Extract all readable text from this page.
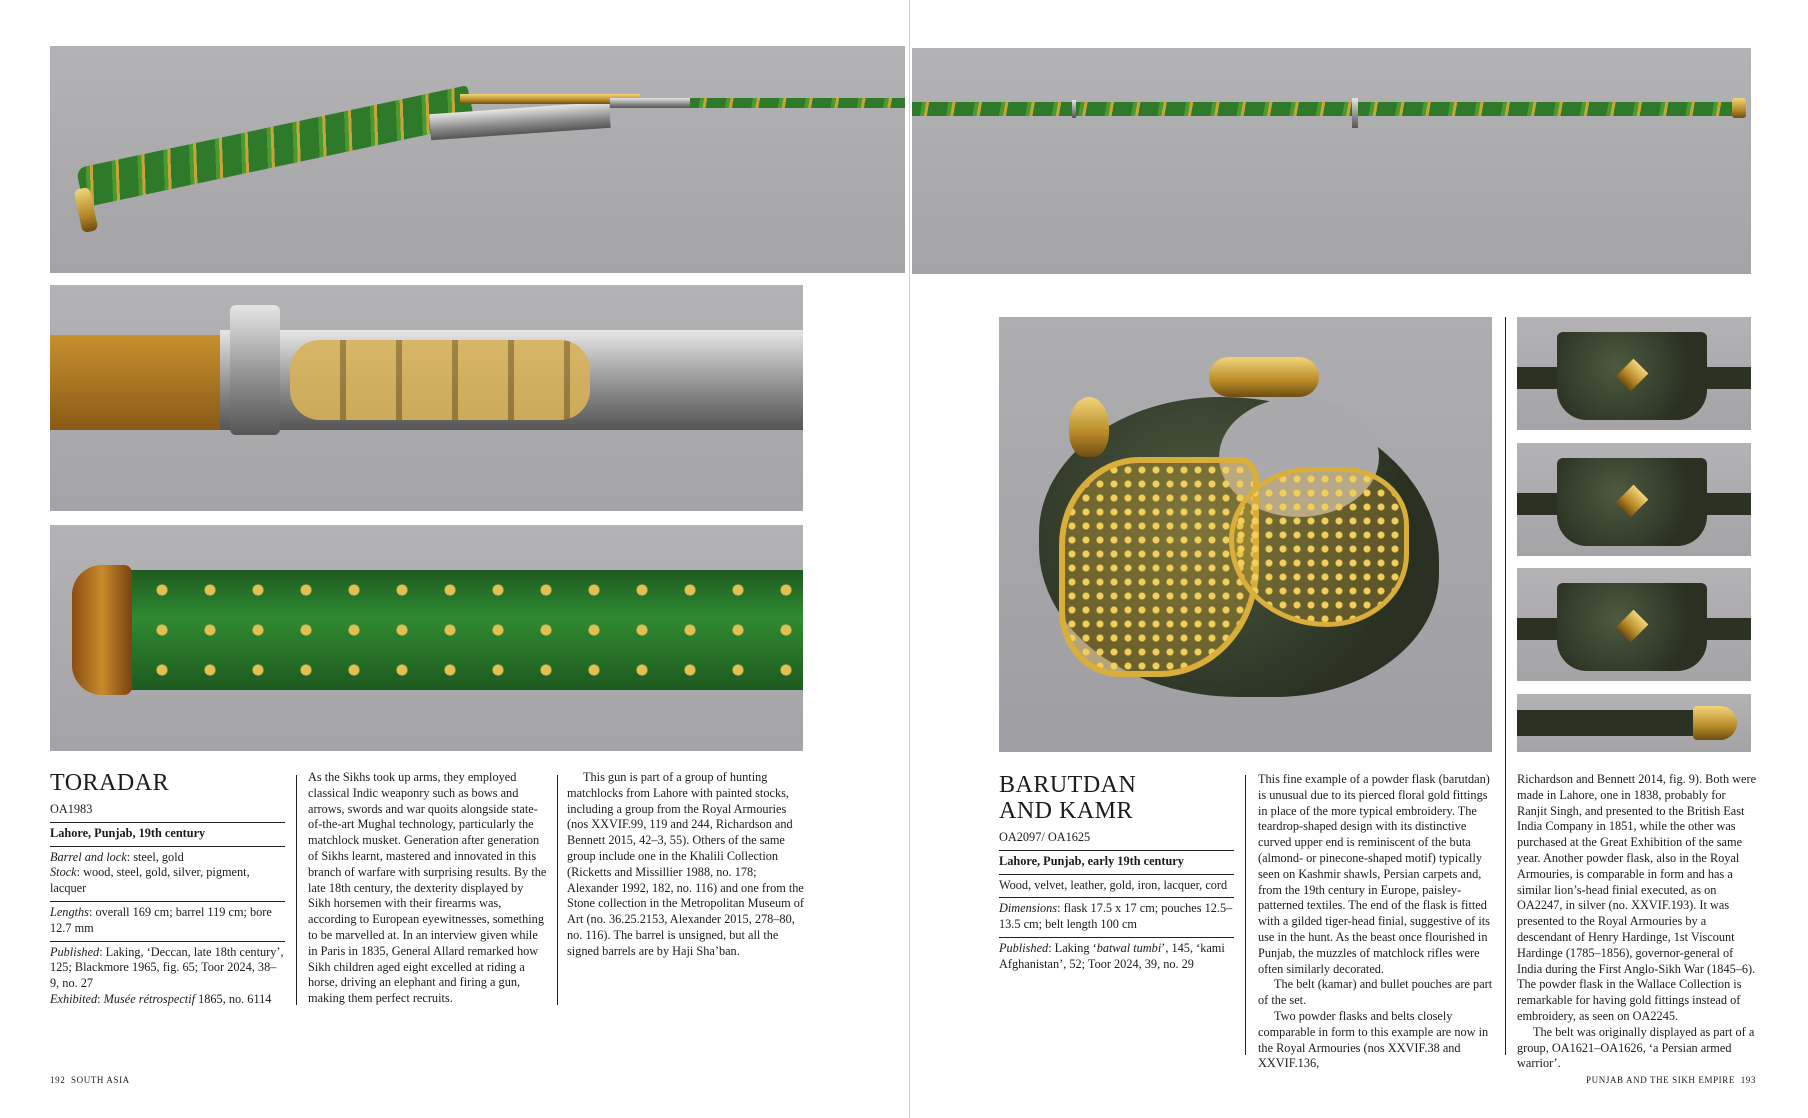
TORADAR
OA1983
Lahore, Punjab, 19th century
Barrel and lock: steel, gold
Stock: wood, steel, gold, silver, pigment, lacquer
Lengths: overall 169 cm; barrel 119 cm; bore 12.7 mm
Published: Laking, ‘Deccan, late 18th century’, 125; Blackmore 1965, fig. 65; Toor 2024, 38–9, no. 27
Exhibited: Musée rétrospectif 1865, no. 6114

As the Sikhs took up arms, they employed classical Indic weaponry such as bows and arrows, swords and war quoits alongside state-of-the-art Mughal technology, particularly the matchlock musket. Generation after generation of Sikhs learnt, mastered and innovated in this branch of warfare with surprising results. By the late 18th century, the dexterity displayed by Sikh horsemen with their firearms was, according to European eyewitnesses, something to be marvelled at. In an interview given while in Paris in 1835, General Allard remarked how Sikh children aged eight excelled at riding a horse, driving an elephant and firing a gun, making them perfect recruits.

This gun is part of a group of hunting matchlocks from Lahore with painted stocks, including a group from the Royal Armouries (nos XXVIF.99, 119 and 244, Richardson and Bennett 2015, 42–3, 55). Others of the same group include one in the Khalili Collection (Ricketts and Missillier 1988, no. 178; Alexander 1992, 182, no. 116) and one from the Stone collection in the Metropolitan Museum of Art (no. 36.25.2153, Alexander 2015, 278–80, no. 116). The barrel is unsigned, but all the signed barrels are by Haji Sha’ban.

192 SOUTH ASIA
BARUTDAN
AND KAMR
OA2097/ OA1625
Lahore, Punjab, early 19th century
Wood, velvet, leather, gold, iron, lacquer, cord
Dimensions: flask 17.5 x 17 cm; pouches 12.5–13.5 cm; belt length 100 cm
Published: Laking ‘batwal tumbi’, 145, ‘kami Afghanistan’, 52; Toor 2024, 39, no. 29

This fine example of a powder flask (barutdan) is unusual due to its pierced floral gold fittings in place of the more typical embroidery. The teardrop-shaped design with its distinctive curved upper end is reminiscent of the buta (almond- or pinecone-shaped motif) typically seen on Kashmir shawls, Persian carpets and, from the 19th century in Europe, paisley-patterned textiles. The end of the flask is fitted with a gilded tiger-head finial, suggestive of its use in the hunt. As the beast once flourished in Punjab, the muzzles of matchlock rifles were often similarly decorated.

The belt (kamar) and bullet pouches are part of the set.

Two powder flasks and belts closely comparable in form to this example are now in the Royal Armouries (nos XXVIF.38 and XXVIF.136,

Richardson and Bennett 2014, fig. 9). Both were made in Lahore, one in 1838, probably for Ranjit Singh, and presented to the British East India Company in 1851, while the other was purchased at the Great Exhibition of the same year. Another powder flask, also in the Royal Armouries, is comparable in form and has a similar lion’s-head finial executed, as on OA2247, in silver (no. XXVIF.193). It was presented to the Royal Armouries by a descendant of Henry Hardinge, 1st Viscount Hardinge (1785–1856), governor-general of India during the First Anglo-Sikh War (1845–6). The powder flask in the Wallace Collection is remarkable for having gold fittings instead of embroidery, as seen on OA2245.

The belt was originally displayed as part of a group, OA1621–OA1626, ‘a Persian armed warrior’.

PUNJAB AND THE SIKH EMPIRE 193
